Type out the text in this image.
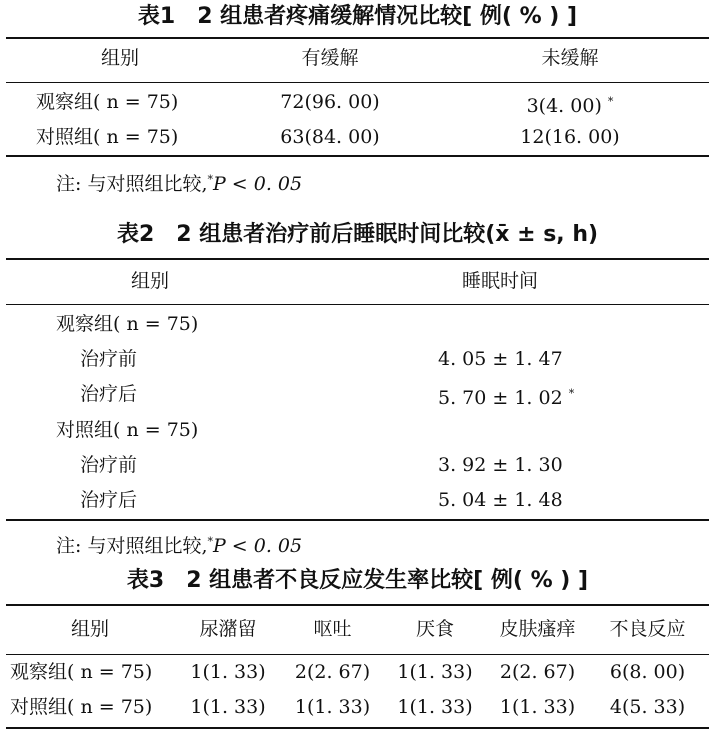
表1　2 组患者疼痛缓解情况比较[ 例( % ) ]
组别	有缓解	未缓解
观察组( n = 75)	72(96. 00)	3(4. 00) *
对照组( n = 75)	63(84. 00)	12(16. 00)
注: 与对照组比较,*P < 0. 05
表2　2 组患者治疗前后睡眠时间比较(x̄ ± s, h)
组别	睡眠时间
观察组( n = 75)
治疗前	4. 05 ± 1. 47
治疗后	5. 70 ± 1. 02 *
对照组( n = 75)
治疗前	3. 92 ± 1. 30
治疗后	5. 04 ± 1. 48
注: 与对照组比较,*P < 0. 05
表3　2 组患者不良反应发生率比较[ 例( % ) ]
组别	尿潴留	呕吐	厌食	皮肤瘙痒	不良反应
观察组( n = 75)	1(1. 33)	2(2. 67)	1(1. 33)	2(2. 67)	6(8. 00)
对照组( n = 75)	1(1. 33)	1(1. 33)	1(1. 33)	1(1. 33)	4(5. 33)
